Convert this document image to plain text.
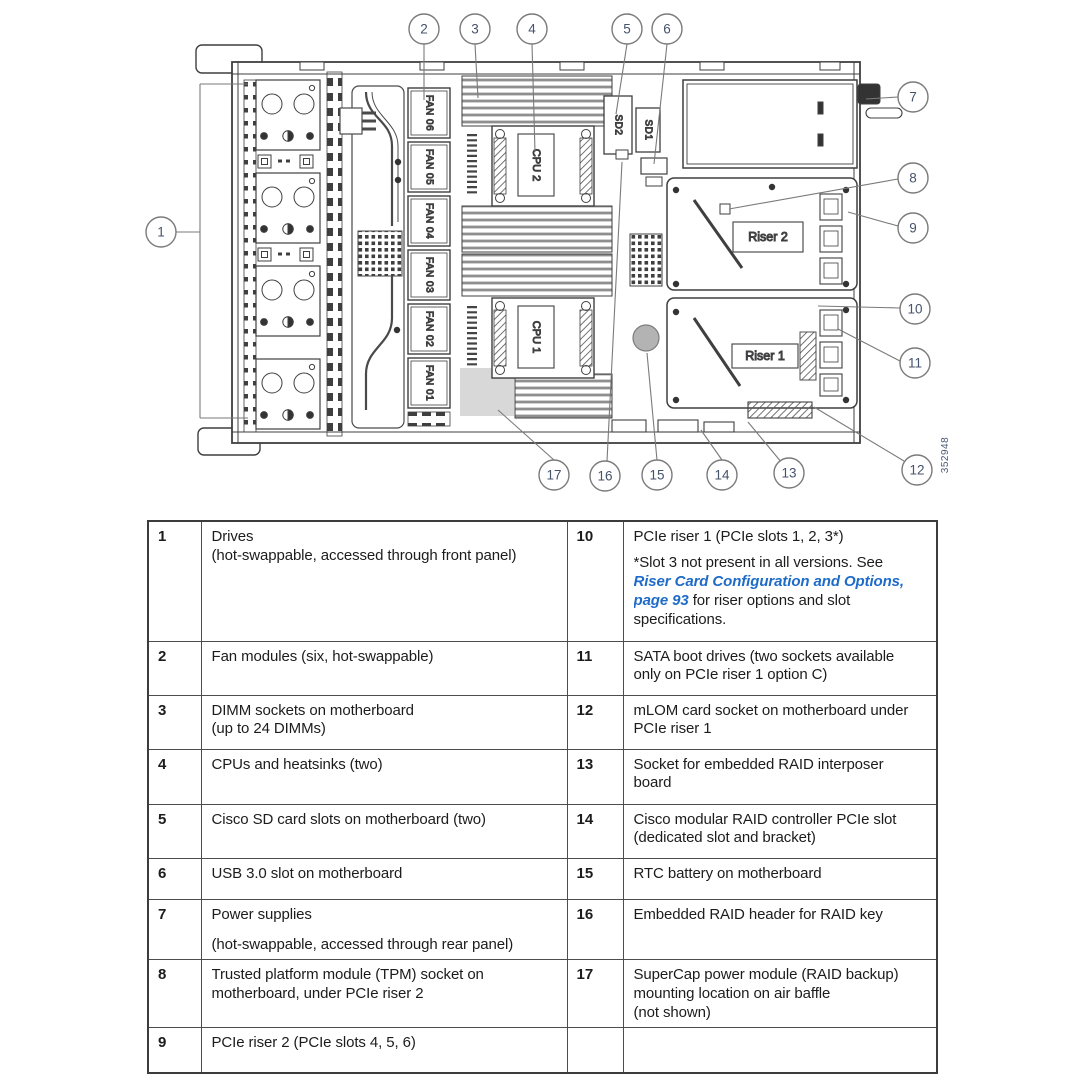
FAN 06
FAN 05
FAN 04
FAN 03
FAN 02
FAN 01
CPU 2
CPU 1
SD2 SD1
Riser 2
Riser 1
1
2	3	4	5 6
7
8
9
10
11
12
13
14
15
16
17
352948
1	Drives
(hot-swappable, accessed through front panel)	10	PCIe riser 1 (PCIe slots 1, 2, 3*)
*Slot 3 not present in all versions. See
Riser Card Configuration and Options,
page 93 for riser options and slot
specifications.

2	Fan modules (six, hot-swappable)	11	SATA boot drives (two sockets available
only on PCIe riser 1 option C)

3	DIMM sockets on motherboard
(up to 24 DIMMs)	12	mLOM card socket on motherboard under
PCIe riser 1

4	CPUs and heatsinks (two)	13	Socket for embedded RAID interposer
board

5	Cisco SD card slots on motherboard (two)	14	Cisco modular RAID controller PCIe slot
(dedicated slot and bracket)

6	USB 3.0 slot on motherboard	15	RTC battery on motherboard

7	Power supplies
(hot-swappable, accessed through rear panel)	16	Embedded RAID header for RAID key

8	Trusted platform module (TPM) socket on
motherboard, under PCIe riser 2	17	SuperCap power module (RAID backup)
mounting location on air baffle
(not shown)

9	PCIe riser 2 (PCIe slots 4, 5, 6)		
